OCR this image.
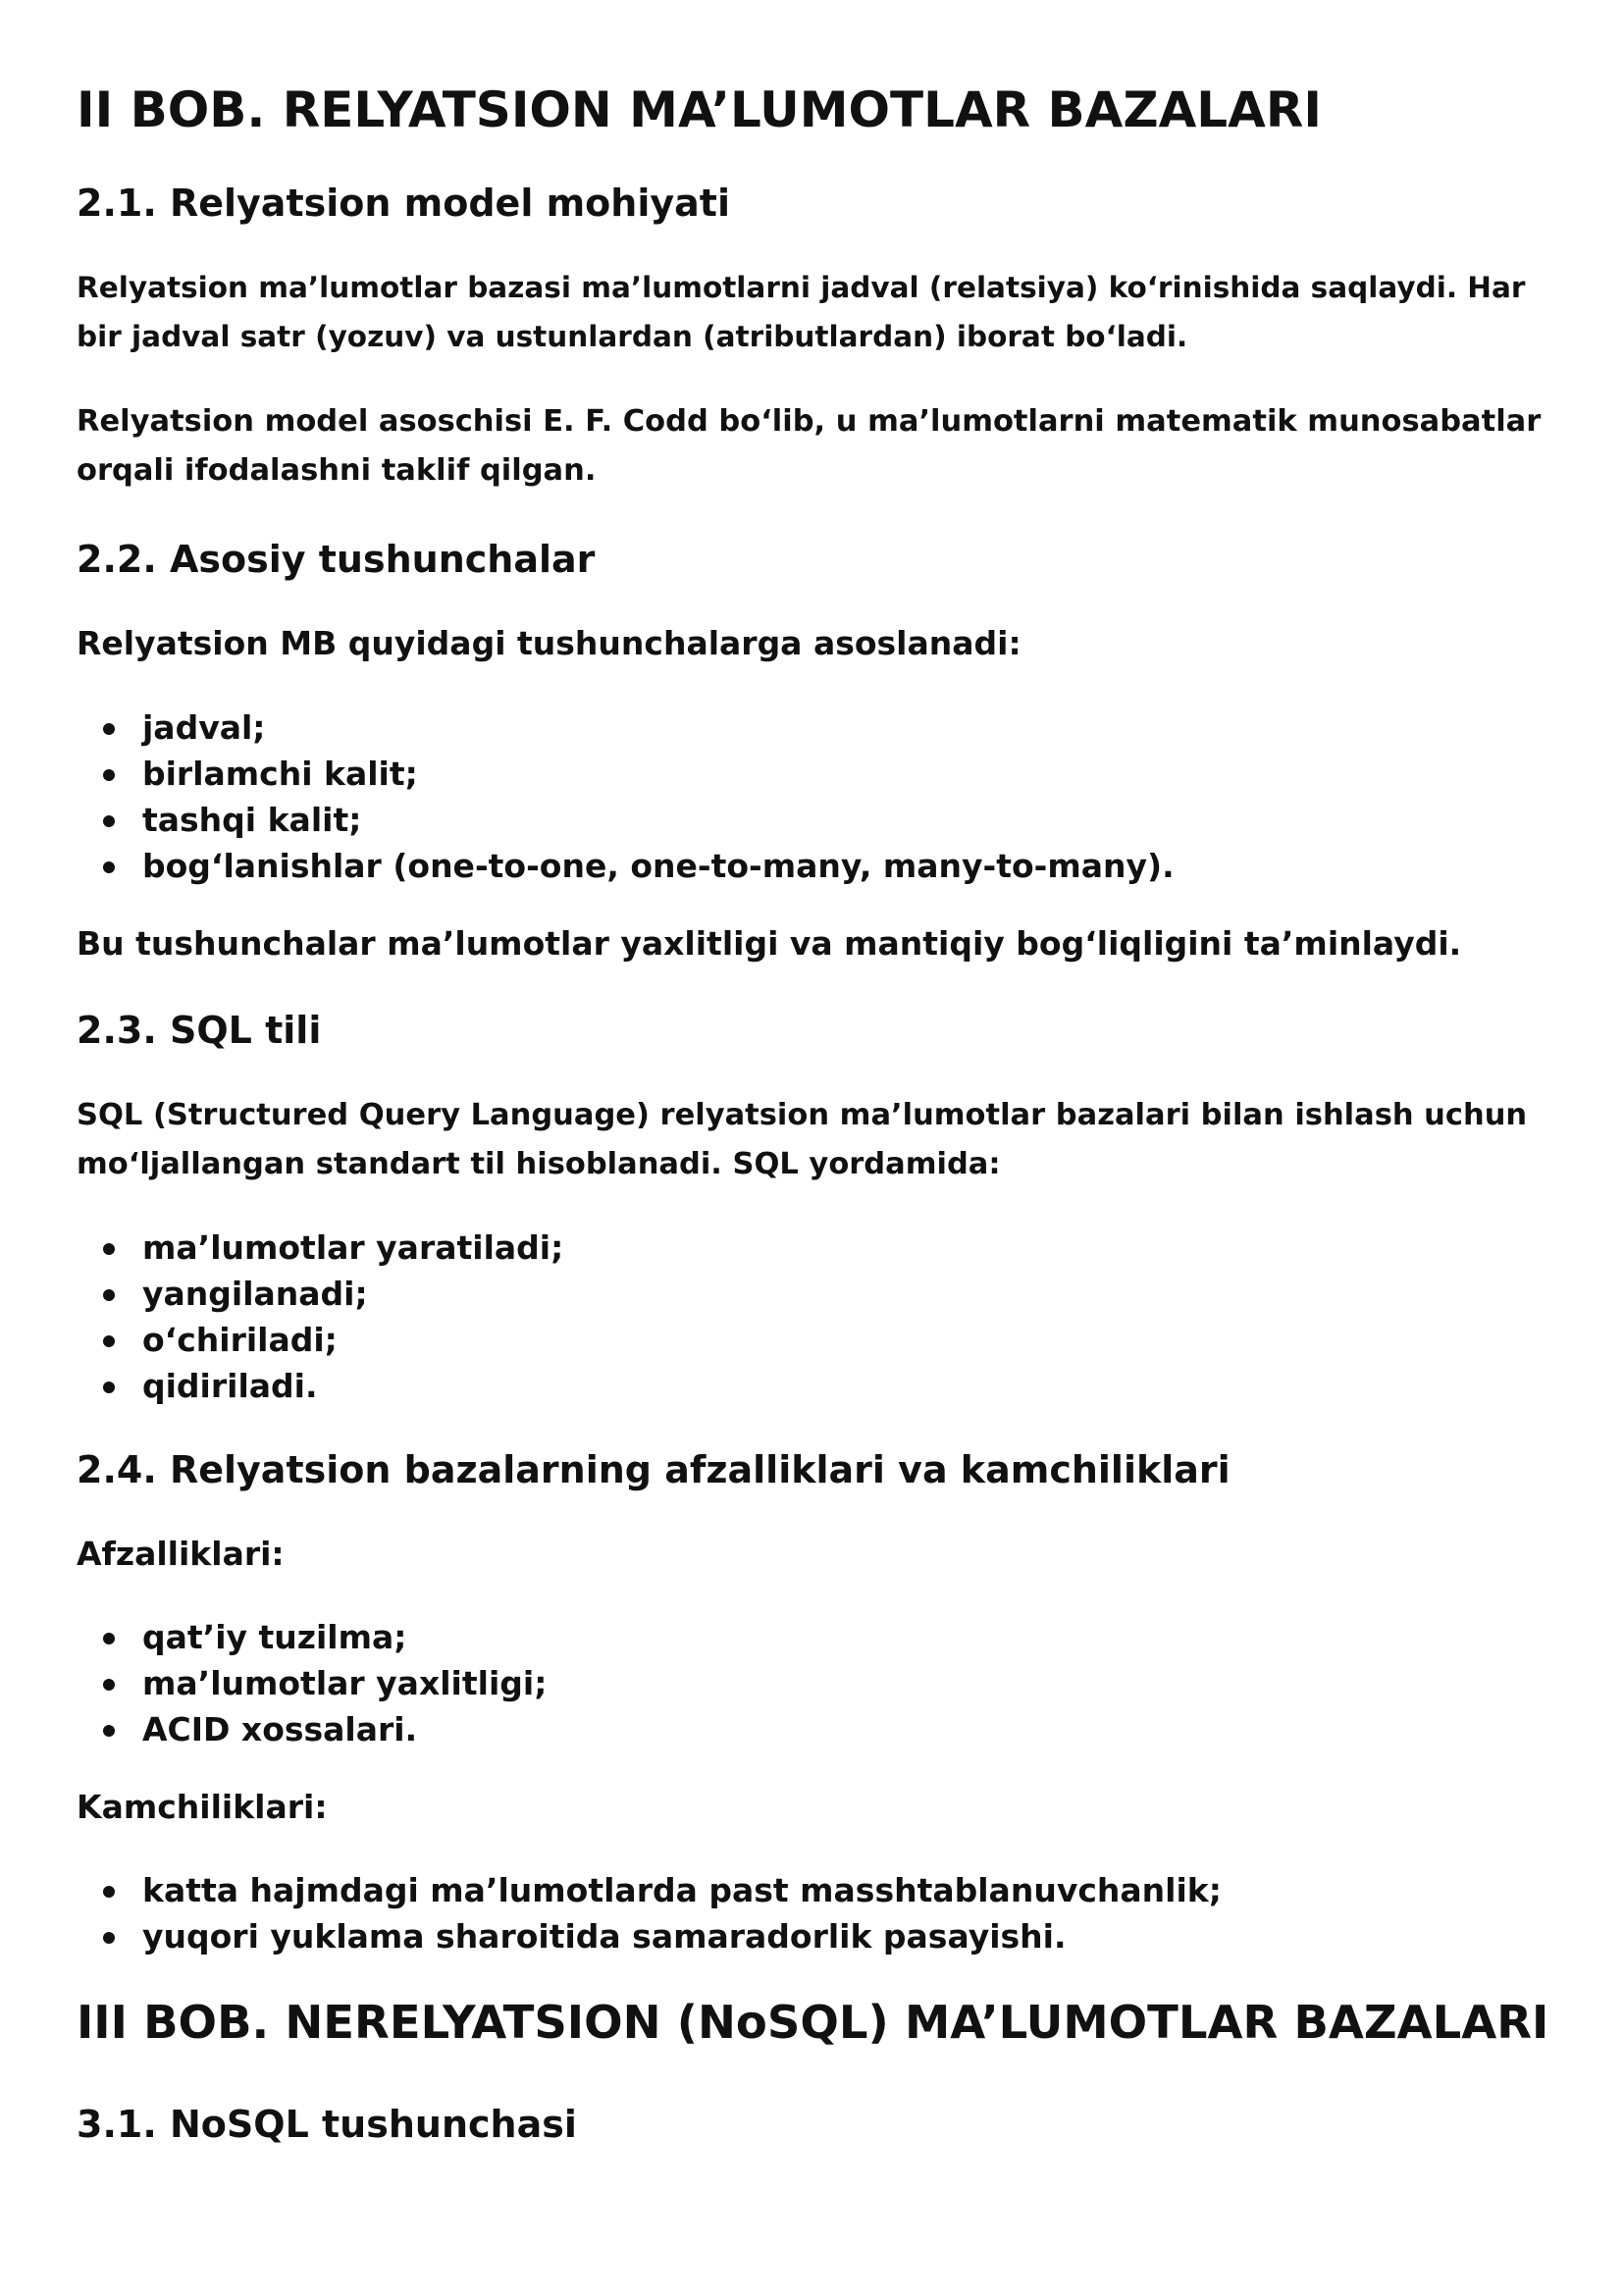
II BOB. RELYATSION MA’LUMOTLAR BAZALARI
2.1. Relyatsion model mohiyati

Relyatsion ma’lumotlar bazasi ma’lumotlarni jadval (relatsiya) ko‘rinishida saqlaydi. Har
bir jadval satr (yozuv) va ustunlardan (atributlardan) iborat bo‘ladi.

Relyatsion model asoschisi E. F. Codd bo‘lib, u ma’lumotlarni matematik munosabatlar
orqali ifodalashni taklif qilgan.

2.2. Asosiy tushunchalar

Relyatsion MB quyidagi tushunchalarga asoslanadi:

jadval;
birlamchi kalit;
tashqi kalit;
bog‘lanishlar (one-to-one, one-to-many, many-to-many).

Bu tushunchalar ma’lumotlar yaxlitligi va mantiqiy bog‘liqligini ta’minlaydi.

2.3. SQL tili

SQL (Structured Query Language) relyatsion ma’lumotlar bazalari bilan ishlash uchun
mo‘ljallangan standart til hisoblanadi. SQL yordamida:

ma’lumotlar yaratiladi;
yangilanadi;
o‘chiriladi;
qidiriladi.
2.4. Relyatsion bazalarning afzalliklari va kamchiliklari

Afzalliklari:

qat’iy tuzilma;
ma’lumotlar yaxlitligi;
ACID xossalari.

Kamchiliklari:

katta hajmdagi ma’lumotlarda past masshtablanuvchanlik;
yuqori yuklama sharoitida samaradorlik pasayishi.
III BOB. NERELYATSION (NoSQL) MA’LUMOTLAR BAZALARI
3.1. NoSQL tushunchasi
